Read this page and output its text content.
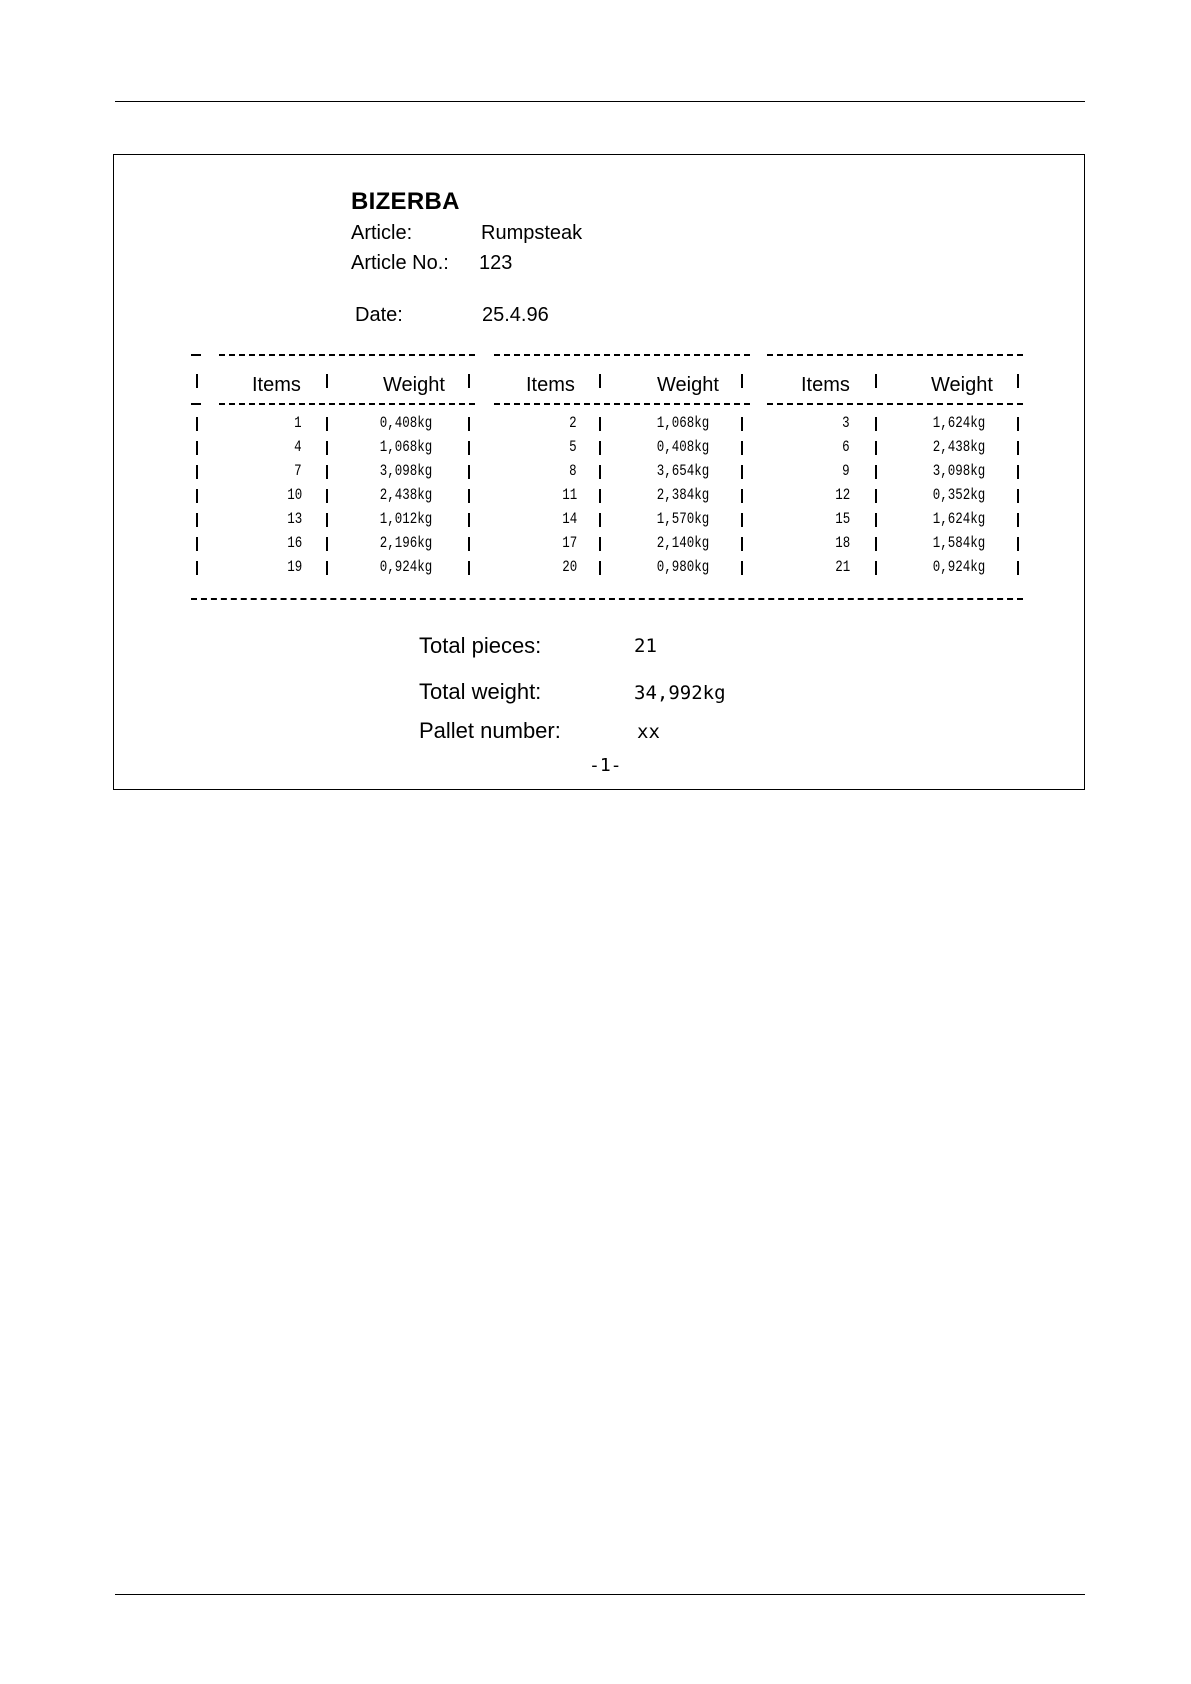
BIZERBA
Article:	Rumpsteak
Article No.: 123
Date:	25.4.96
Items	Weight	Items	Weight	Items	Weight
1	0,408kg	2	1,068kg	3	1,624kg
4	1,068kg	5	0,408kg	6	2,438kg
7	3,098kg	8	3,654kg	9	3,098kg
10	2,438kg	11	2,384kg	12	0,352kg
13	1,012kg	14	1,570kg	15	1,624kg
16	2,196kg	17	2,140kg	18	1,584kg
19	0,924kg	20	0,980kg	21	0,924kg
Total pieces:	21
Total weight:	34,992kg
Pallet number:	xx
-1-
